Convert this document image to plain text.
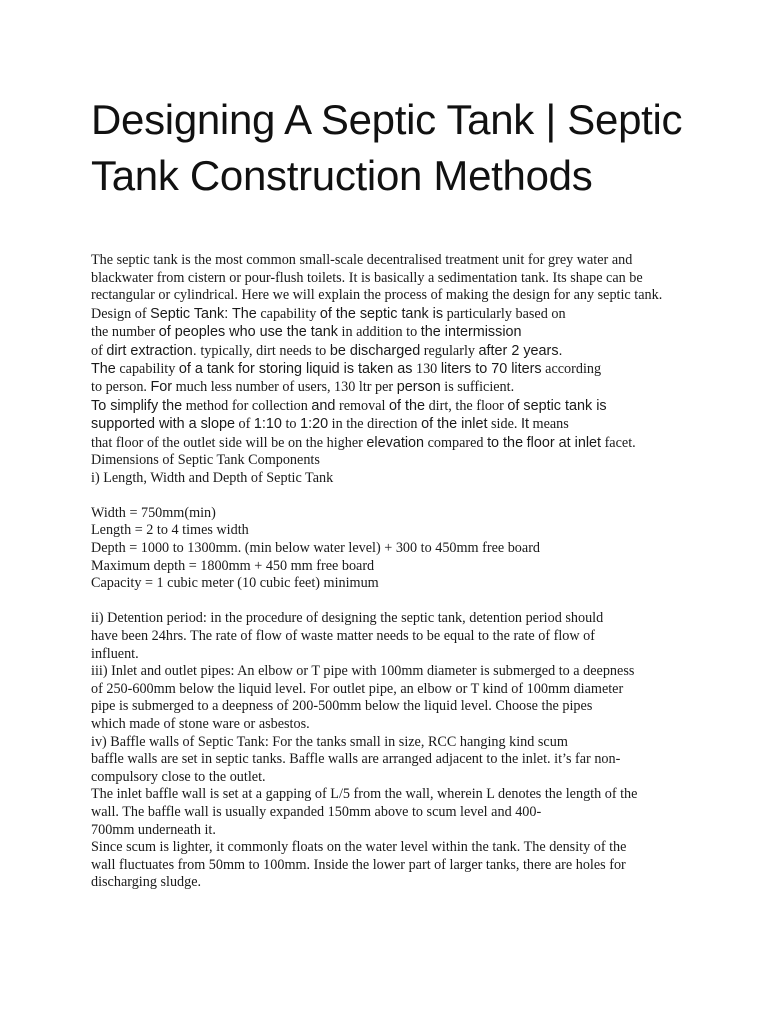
Designing A Septic Tank | Septic Tank Construction Methods

The septic tank is the most common small-scale decentralised treatment unit for grey water and blackwater from cistern or pour-flush toilets. It is basically a sedimentation tank. Its shape can be rectangular or cylindrical. Here we will explain the process of making the design for any septic tank.

Design of Septic Tank: The capability of the septic tank is particularly based on
the number of peoples who use the tank in addition to the intermission
of dirt extraction. typically, dirt needs to be discharged regularly after 2 years.
The capability of a tank for storing liquid is taken as 130 liters to 70 liters according
to person. For much less number of users, 130 ltr per person is sufficient.
To simplify the method for collection and removal of the dirt, the floor of septic tank is
supported with a slope of 1:10 to 1:20 in the direction of the inlet side. It means
that floor of the outlet side will be on the higher elevation compared to the floor at inlet facet.

Dimensions of Septic Tank Components

i) Length, Width and Depth of Septic Tank

Width = 750mm(min)

Length = 2 to 4 times width

Depth = 1000 to 1300mm. (min below water level) + 300 to 450mm free board

Maximum depth = 1800mm + 450 mm free board

Capacity = 1 cubic meter (10 cubic feet) minimum

ii) Detention period: in the procedure of designing the septic tank, detention period should

have been 24hrs. The rate of flow of waste matter needs to be equal to the rate of flow of

influent.

iii) Inlet and outlet pipes: An elbow or T pipe with 100mm diameter is submerged to a deepness

of 250-600mm below the liquid level. For outlet pipe, an elbow or T kind of 100mm diameter

pipe is submerged to a deepness of 200-500mm below the liquid level. Choose the pipes

which made of stone ware or asbestos.

iv) Baffle walls of Septic Tank: For the tanks small in size, RCC hanging kind scum

baffle walls are set in septic tanks. Baffle walls are arranged adjacent to the inlet. it’s far non-

compulsory close to the outlet.

The inlet baffle wall is set at a gapping of L/5 from the wall, wherein L denotes the length of the

wall. The baffle wall is usually expanded 150mm above to scum level and 400-

700mm underneath it.

Since scum is lighter, it commonly floats on the water level within the tank. The density of the

wall fluctuates from 50mm to 100mm. Inside the lower part of larger tanks, there are holes for

discharging sludge.
